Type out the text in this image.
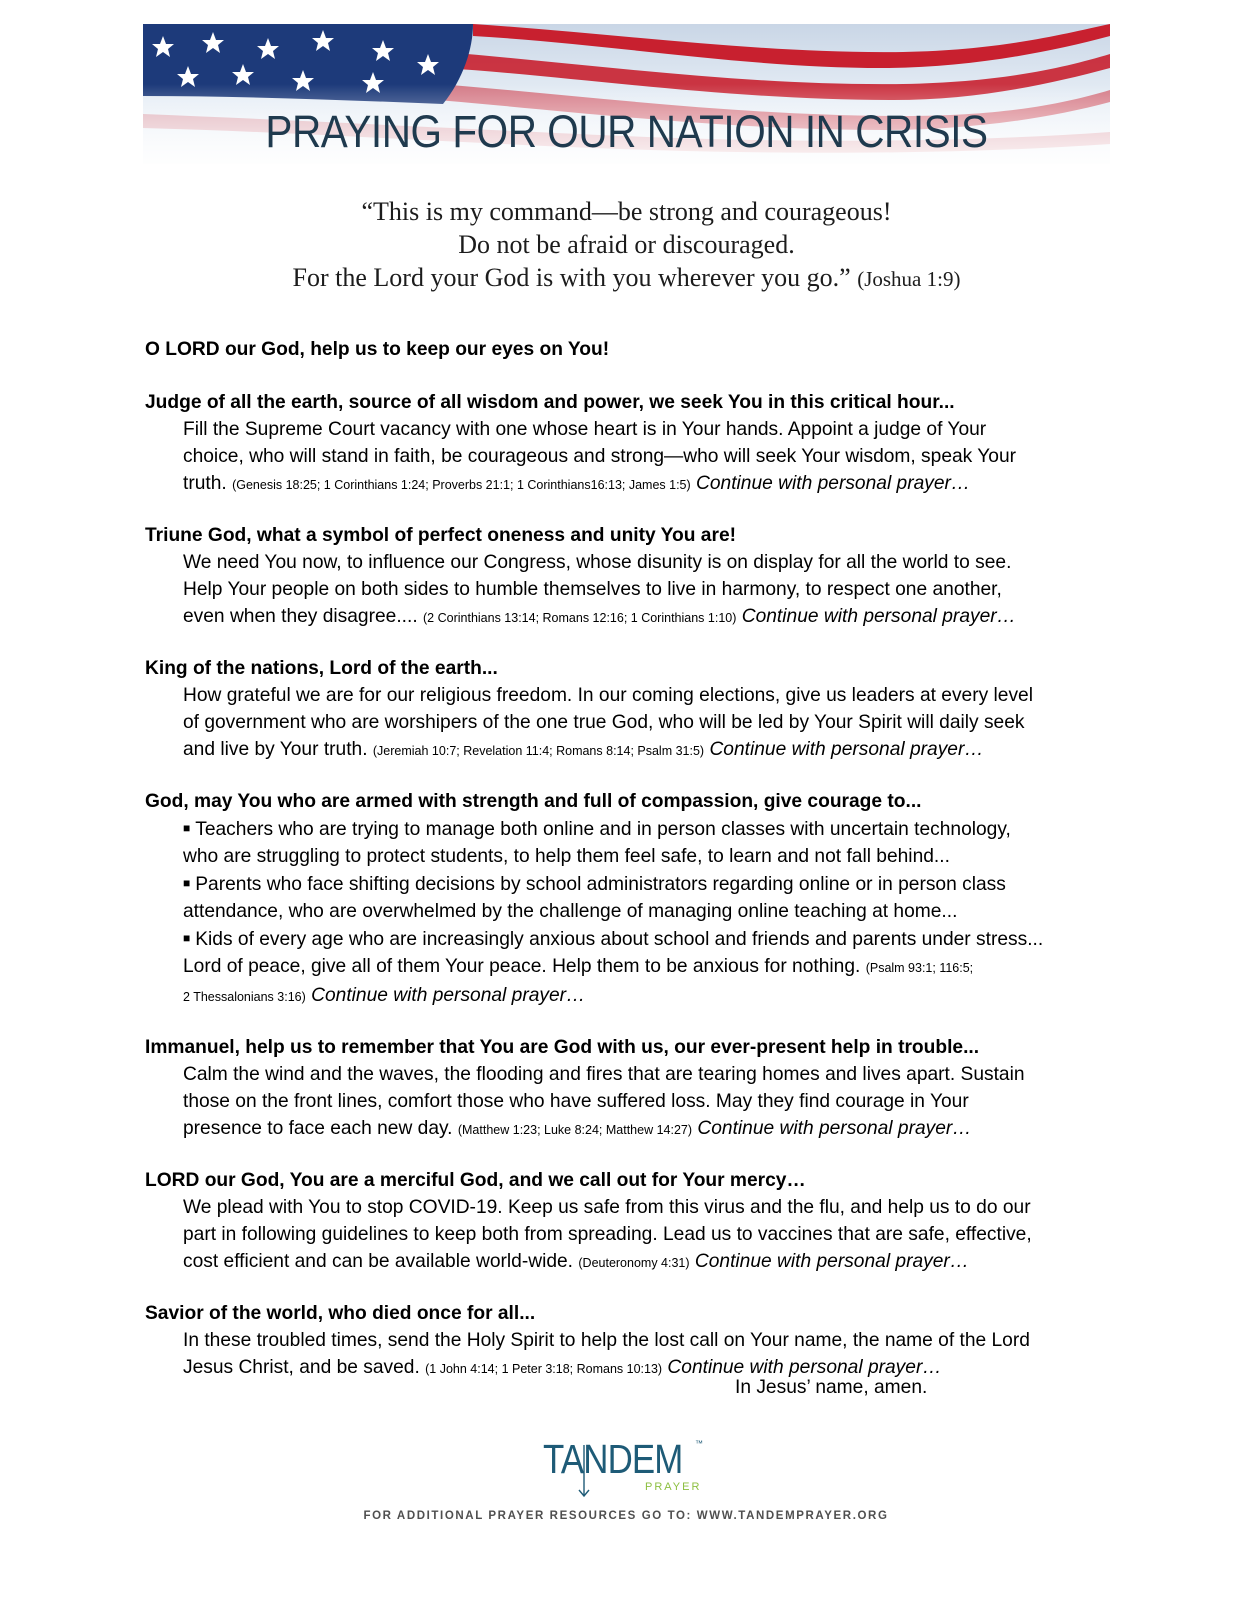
PRAYING FOR OUR NATION IN CRISIS
“This is my command—be strong and courageous!
Do not be afraid or discouraged.
For the Lord your God is with you wherever you go.” (Joshua 1:9)
O LORD our God, help us to keep our eyes on You!
Judge of all the earth, source of all wisdom and power, we seek You in this critical hour...
Fill the Supreme Court vacancy with one whose heart is in Your hands. Appoint a judge of Your
choice, who will stand in faith, be courageous and strong—who will seek Your wisdom, speak Your
truth. (Genesis 18:25; 1 Corinthians 1:24; Proverbs 21:1; 1 Corinthians16:13; James 1:5) Continue with personal prayer…
Triune God, what a symbol of perfect oneness and unity You are!
We need You now, to influence our Congress, whose disunity is on display for all the world to see.
Help Your people on both sides to humble themselves to live in harmony, to respect one another,
even when they disagree.... (2 Corinthians 13:14; Romans 12:16; 1 Corinthians 1:10) Continue with personal prayer…
King of the nations, Lord of the earth...
How grateful we are for our religious freedom. In our coming elections, give us leaders at every level
of government who are worshipers of the one true God, who will be led by Your Spirit will daily seek
and live by Your truth. (Jeremiah 10:7; Revelation 11:4; Romans 8:14; Psalm 31:5) Continue with personal prayer…
God, may You who are armed with strength and full of compassion, give courage to...
■ Teachers who are trying to manage both online and in person classes with uncertain technology,
who are struggling to protect students, to help them feel safe, to learn and not fall behind...
■ Parents who face shifting decisions by school administrators regarding online or in person class
attendance, who are overwhelmed by the challenge of managing online teaching at home...
■ Kids of every age who are increasingly anxious about school and friends and parents under stress...
Lord of peace, give all of them Your peace. Help them to be anxious for nothing. (Psalm 93:1; 116:5;
2 Thessalonians 3:16) Continue with personal prayer…
Immanuel, help us to remember that You are God with us, our ever-present help in trouble...
Calm the wind and the waves, the flooding and fires that are tearing homes and lives apart. Sustain
those on the front lines, comfort those who have suffered loss. May they find courage in Your
presence to face each new day. (Matthew 1:23; Luke 8:24; Matthew 14:27) Continue with personal prayer…
LORD our God, You are a merciful God, and we call out for Your mercy…
We plead with You to stop COVID-19. Keep us safe from this virus and the flu, and help us to do our
part in following guidelines to keep both from spreading. Lead us to vaccines that are safe, effective,
cost efficient and can be available world-wide. (Deuteronomy 4:31) Continue with personal prayer…
Savior of the world, who died once for all...
In these troubled times, send the Holy Spirit to help the lost call on Your name, the name of the Lord
Jesus Christ, and be saved. (1 John 4:14; 1 Peter 3:18; Romans 10:13) Continue with personal prayer…
In Jesus’ name, amen.
TANDEM ™
PRAYER
FOR ADDITIONAL PRAYER RESOURCES GO TO: WWW.TANDEMPRAYER.ORG
